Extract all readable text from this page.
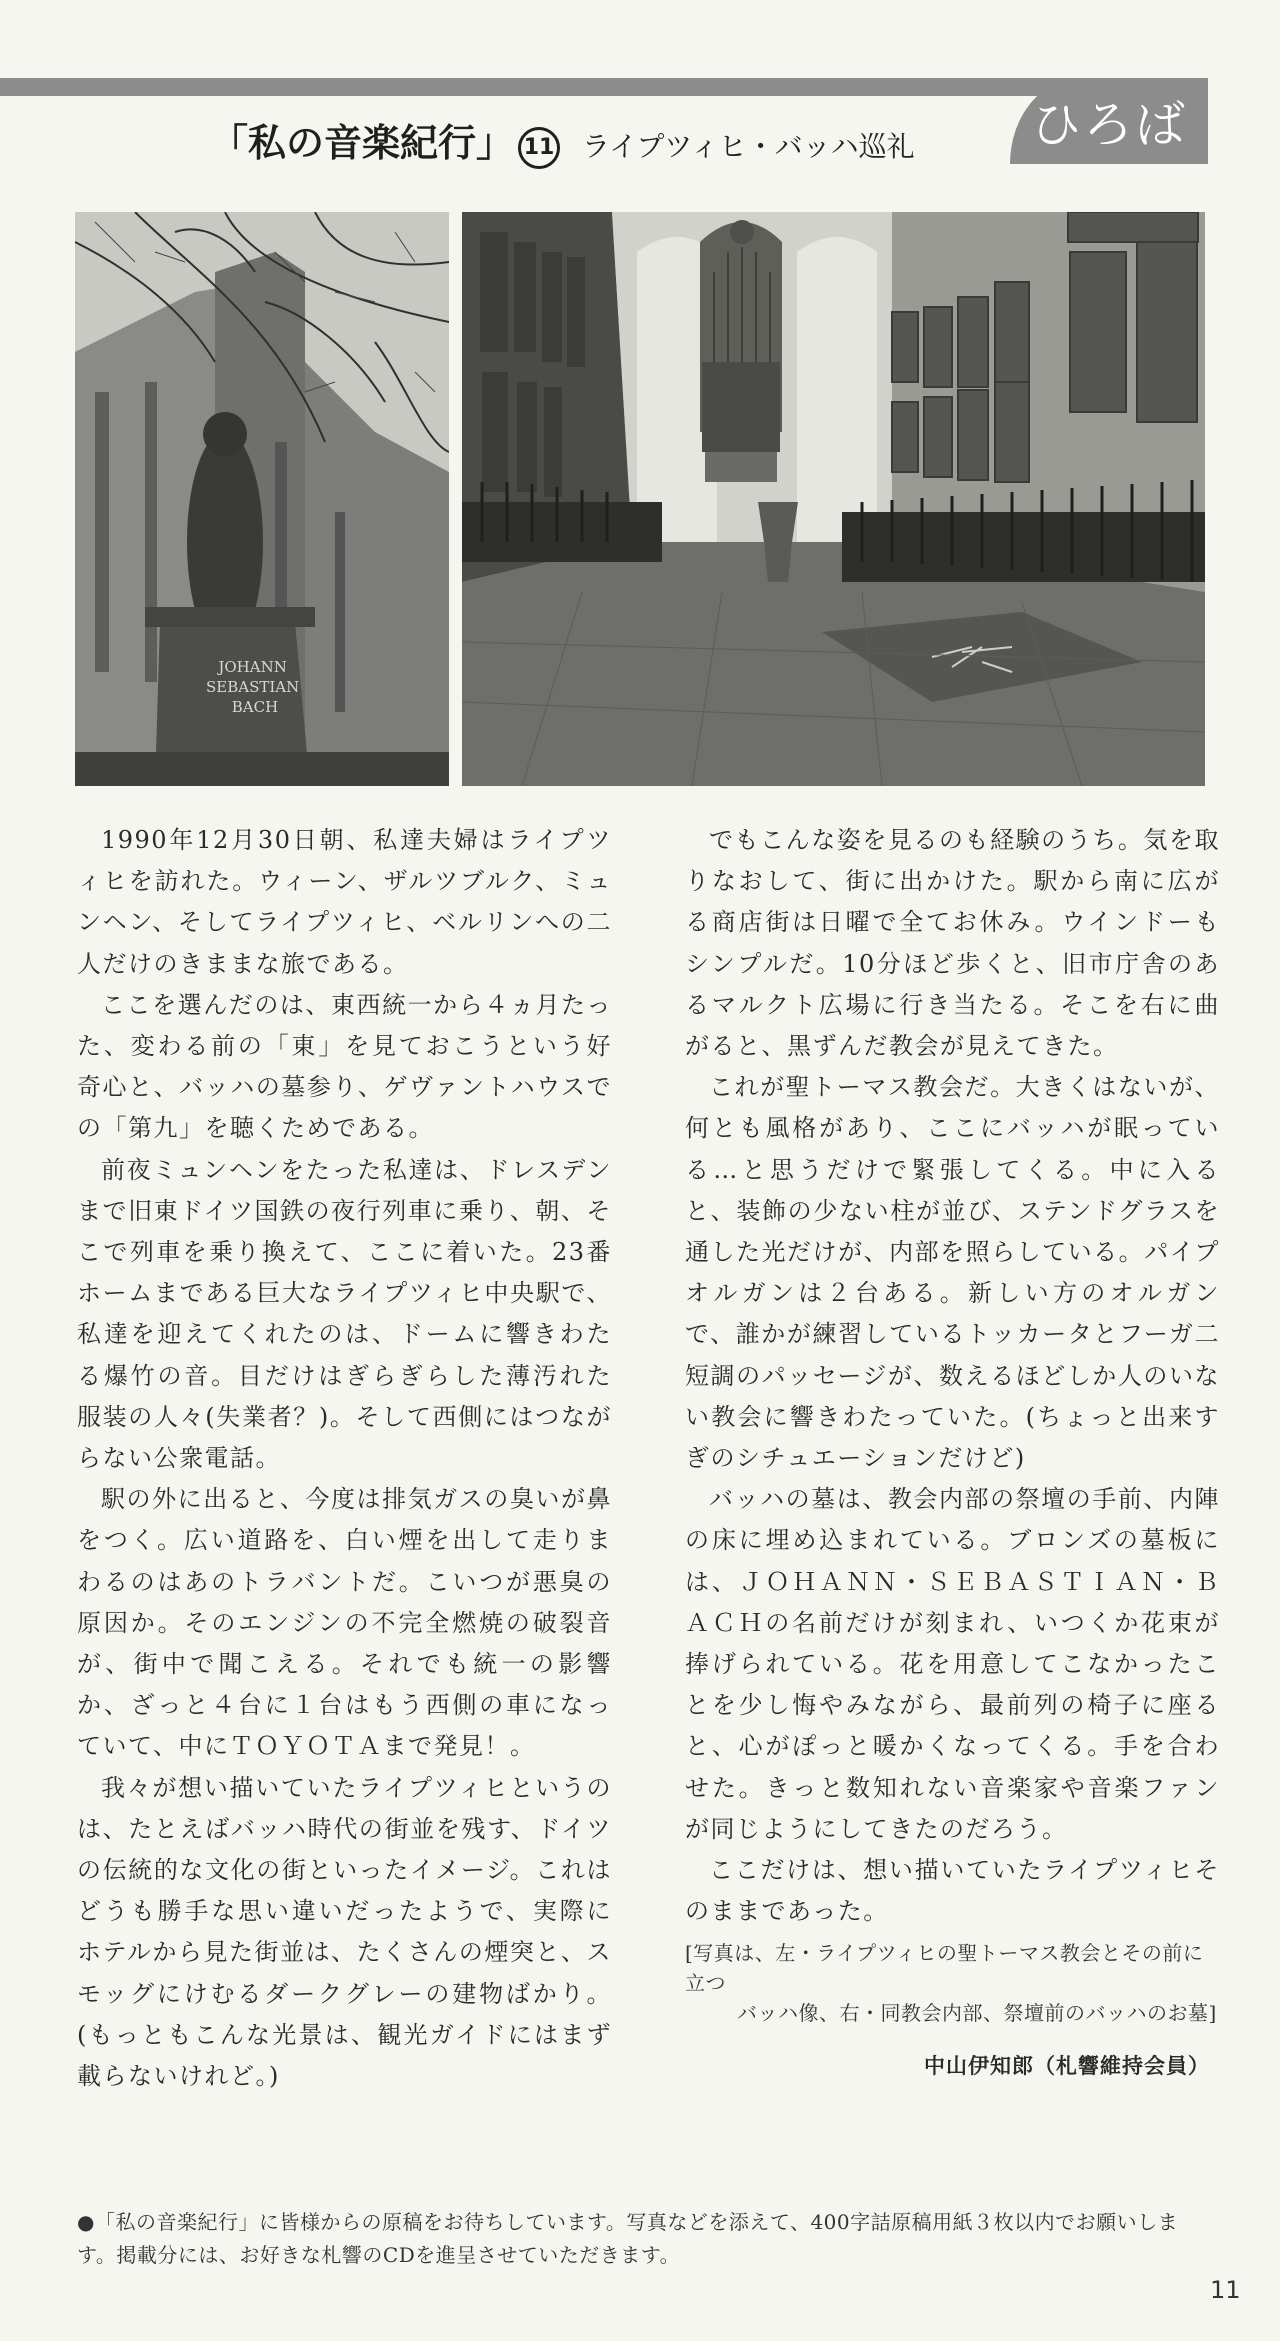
ひろば
「私の音楽紀行」 11 ライプツィヒ・バッハ巡礼
JOHANN SEBASTIAN BACH

1990年12月30日朝、私達夫婦はライプツィヒを訪れた。ウィーン、ザルツブルク、ミュンヘン、そしてライプツィヒ、ベルリンへの二人だけのきままな旅である。

ここを選んだのは、東西統一から４ヵ月たった、変わる前の「東」を見ておこうという好奇心と、バッハの墓参り、ゲヴァントハウスでの「第九」を聴くためである。

前夜ミュンヘンをたった私達は、ドレスデンまで旧東ドイツ国鉄の夜行列車に乗り、朝、そこで列車を乗り換えて、ここに着いた。23番ホームまである巨大なライプツィヒ中央駅で、私達を迎えてくれたのは、ドームに響きわたる爆竹の音。目だけはぎらぎらした薄汚れた服装の人々(失業者？)。そして西側にはつながらない公衆電話。

駅の外に出ると、今度は排気ガスの臭いが鼻をつく。広い道路を、白い煙を出して走りまわるのはあのトラバントだ。こいつが悪臭の原因か。そのエンジンの不完全燃焼の破裂音が、街中で聞こえる。それでも統一の影響か、ざっと４台に１台はもう西側の車になっていて、中にＴＯＹＯＴＡまで発見！。

我々が想い描いていたライプツィヒというのは、たとえばバッハ時代の街並を残す、ドイツの伝統的な文化の街といったイメージ。これはどうも勝手な思い違いだったようで、実際にホテルから見た街並は、たくさんの煙突と、スモッグにけむるダークグレーの建物ばかり。(もっともこんな光景は、観光ガイドにはまず載らないけれど。)

でもこんな姿を見るのも経験のうち。気を取りなおして、街に出かけた。駅から南に広がる商店街は日曜で全てお休み。ウインドーもシンプルだ。10分ほど歩くと、旧市庁舎のあるマルクト広場に行き当たる。そこを右に曲がると、黒ずんだ教会が見えてきた。

これが聖トーマス教会だ。大きくはないが、何とも風格があり、ここにバッハが眠っている…と思うだけで緊張してくる。中に入ると、装飾の少ない柱が並び、ステンドグラスを通した光だけが、内部を照らしている。パイプオルガンは２台ある。新しい方のオルガンで、誰かが練習しているトッカータとフーガ二短調のパッセージが、数えるほどしか人のいない教会に響きわたっていた。(ちょっと出来すぎのシチュエーションだけど)

バッハの墓は、教会内部の祭壇の手前、内陣の床に埋め込まれている。ブロンズの墓板には、ＪＯＨＡＮＮ・ＳＥＢＡＳＴＩＡＮ・ＢＡＣＨの名前だけが刻まれ、いつくか花束が捧げられている。花を用意してこなかったことを少し悔やみながら、最前列の椅子に座ると、心がぽっと暖かくなってくる。手を合わせた。きっと数知れない音楽家や音楽ファンが同じようにしてきたのだろう。

ここだけは、想い描いていたライプツィヒそのままであった。

[写真は、左・ライプツィヒの聖トーマス教会とその前に立つ
バッハ像、右・同教会内部、祭壇前のバッハのお墓]
中山伊知郎（札響維持会員）
●「私の音楽紀行」に皆様からの原稿をお待ちしています。写真などを添えて、400字詰原稿用紙３枚以内でお願いします。掲載分には、お好きな札響のCDを進呈させていただきます。
11
